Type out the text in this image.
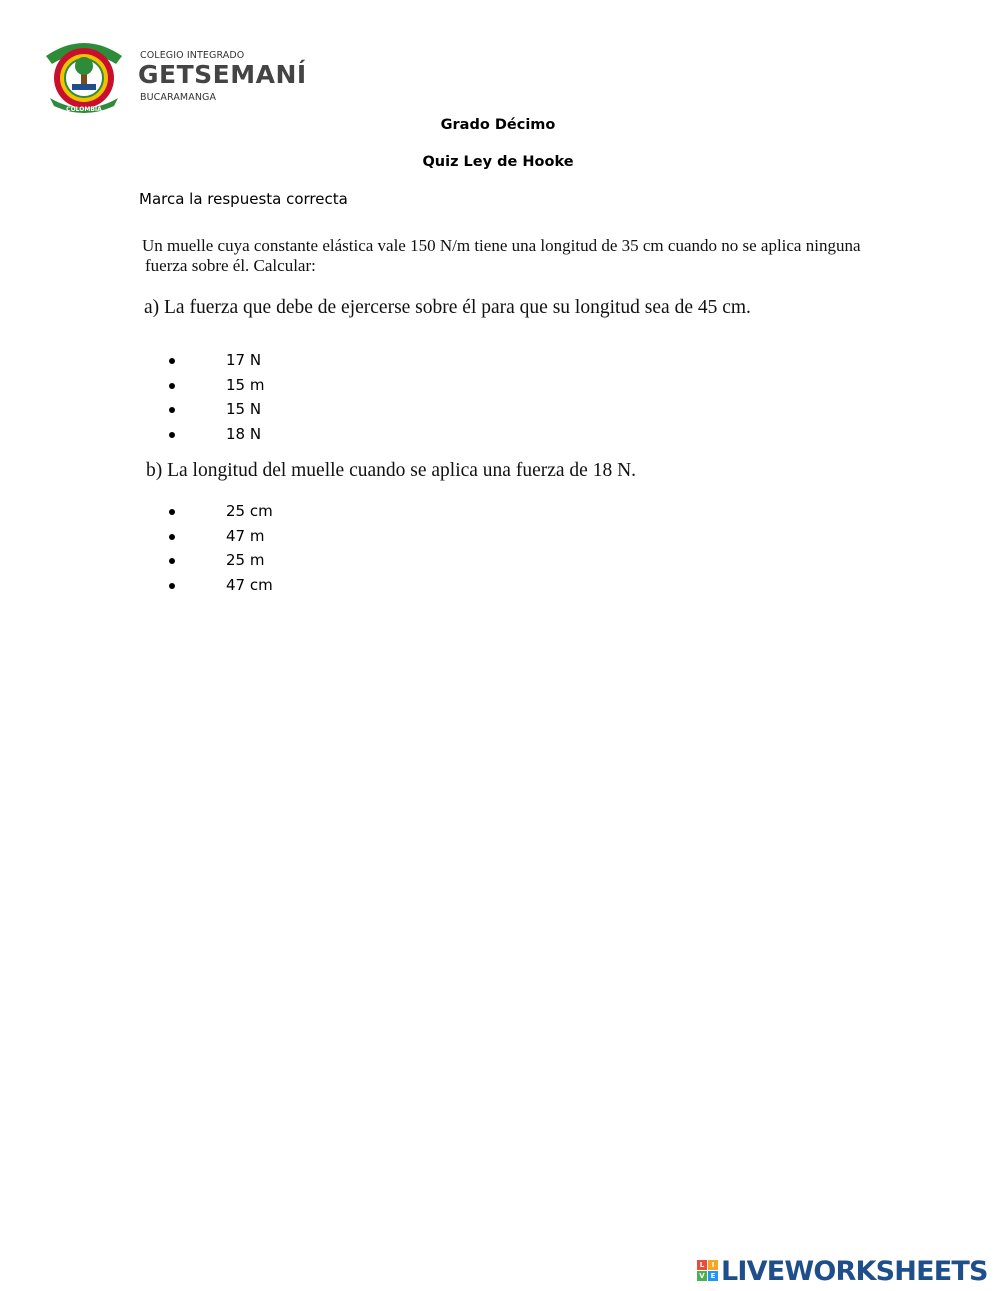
COLOMBIA
COLEGIO INTEGRADO
GETSEMANÍ
BUCARAMANGA
Grado Décimo
Quiz Ley de Hooke
Marca la respuesta correcta
Un muelle cuya constante elástica vale 150 N/m tiene una longitud de 35 cm cuando no se aplica ninguna
fuerza sobre él. Calcular:
a) La fuerza que debe de ejercerse sobre él para que su longitud sea de 45 cm.
17 N
15 m
15 N
18 N
b) La longitud del muelle cuando se aplica una fuerza de 18 N.
25 cm
47 m
25 m
47 cm
L	I
V E LIVEWORKSHEETS
